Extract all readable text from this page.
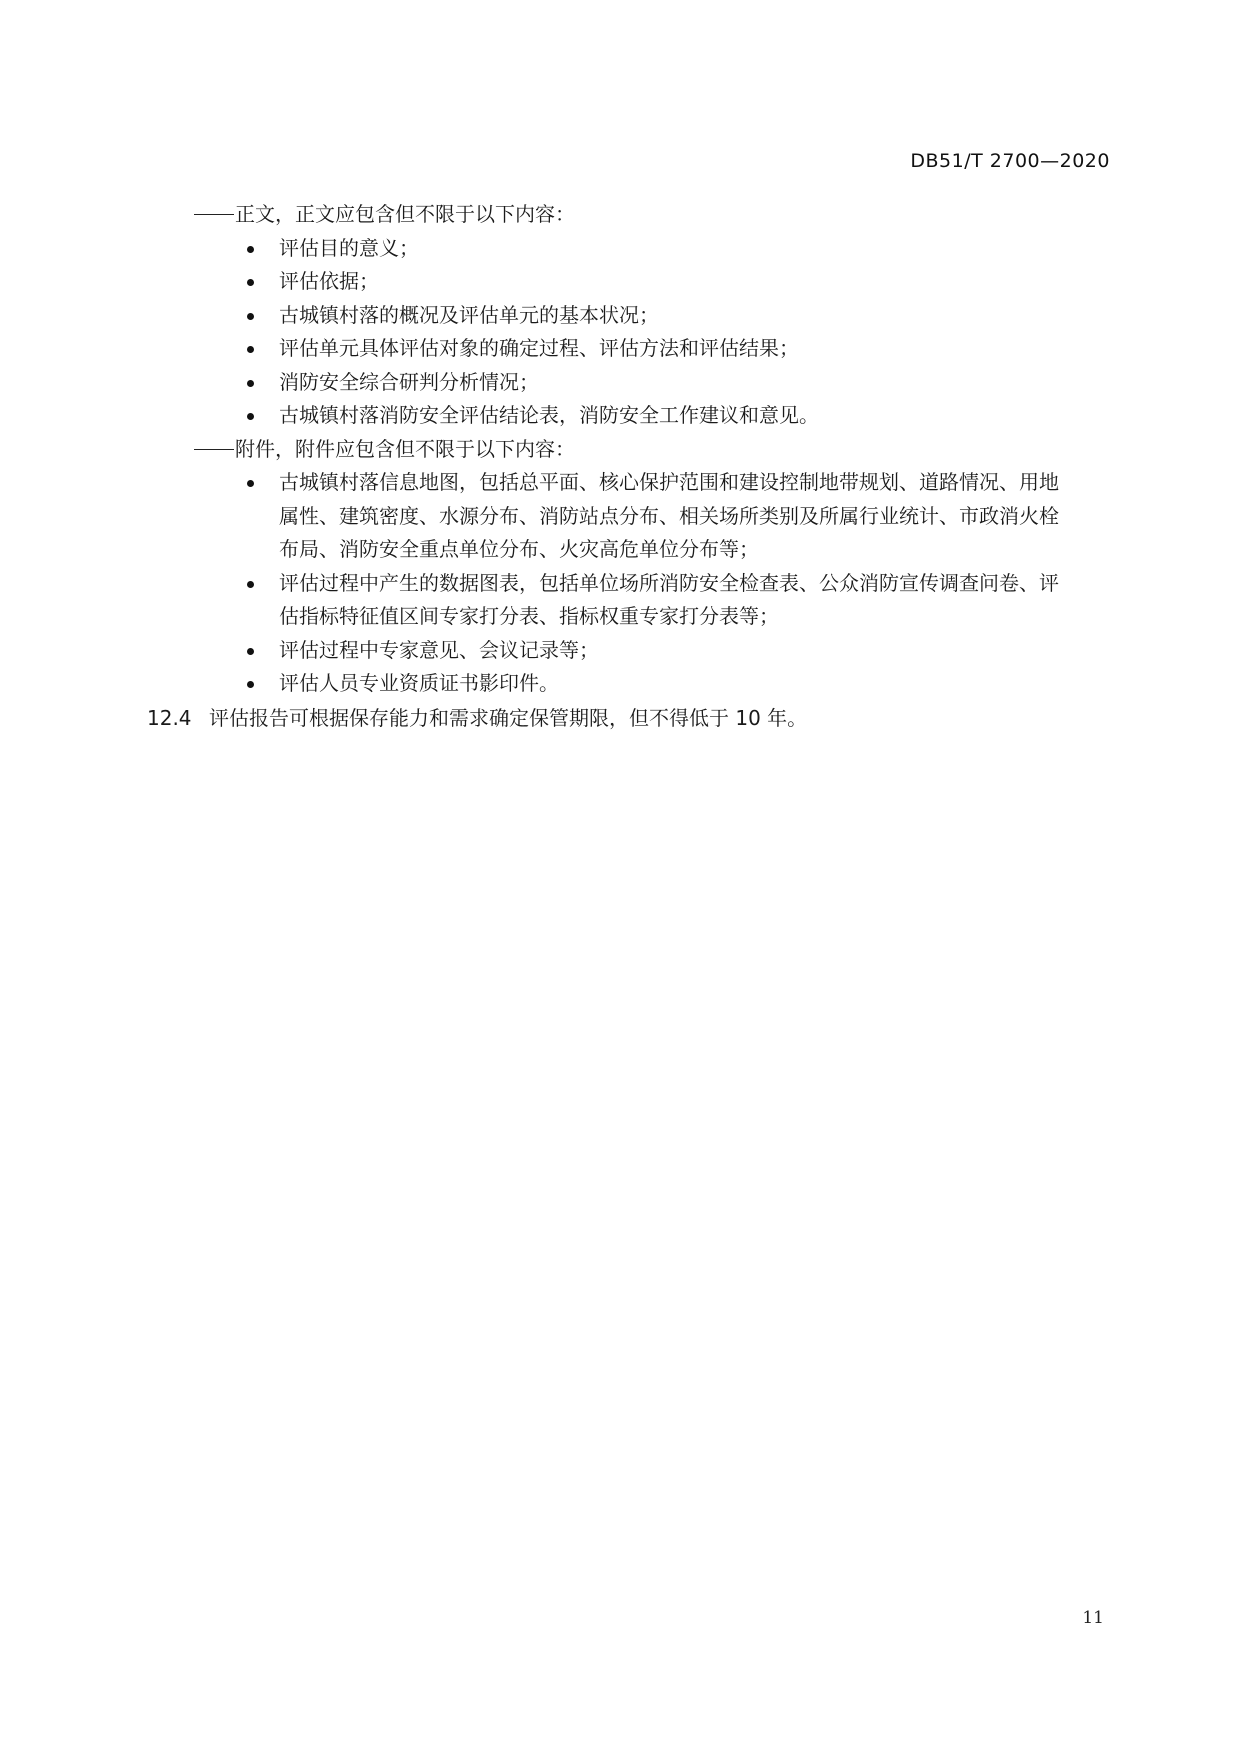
DB51/T 2700—2020
正文，正文应包含但不限于以下内容：
评估目的意义；
评估依据；
古城镇村落的概况及评估单元的基本状况；
评估单元具体评估对象的确定过程、评估方法和评估结果；
消防安全综合研判分析情况；
古城镇村落消防安全评估结论表，消防安全工作建议和意见。
附件，附件应包含但不限于以下内容：
古城镇村落信息地图，包括总平面、核心保护范围和建设控制地带规划、道路情况、用地
属性、建筑密度、水源分布、消防站点分布、相关场所类别及所属行业统计、市政消火栓
布局、消防安全重点单位分布、火灾高危单位分布等；
评估过程中产生的数据图表，包括单位场所消防安全检查表、公众消防宣传调查问卷、评
估指标特征值区间专家打分表、指标权重专家打分表等；
评估过程中专家意见、会议记录等；
评估人员专业资质证书影印件。
12.4 评估报告可根据保存能力和需求确定保管期限，但不得低于 10 年。
11
